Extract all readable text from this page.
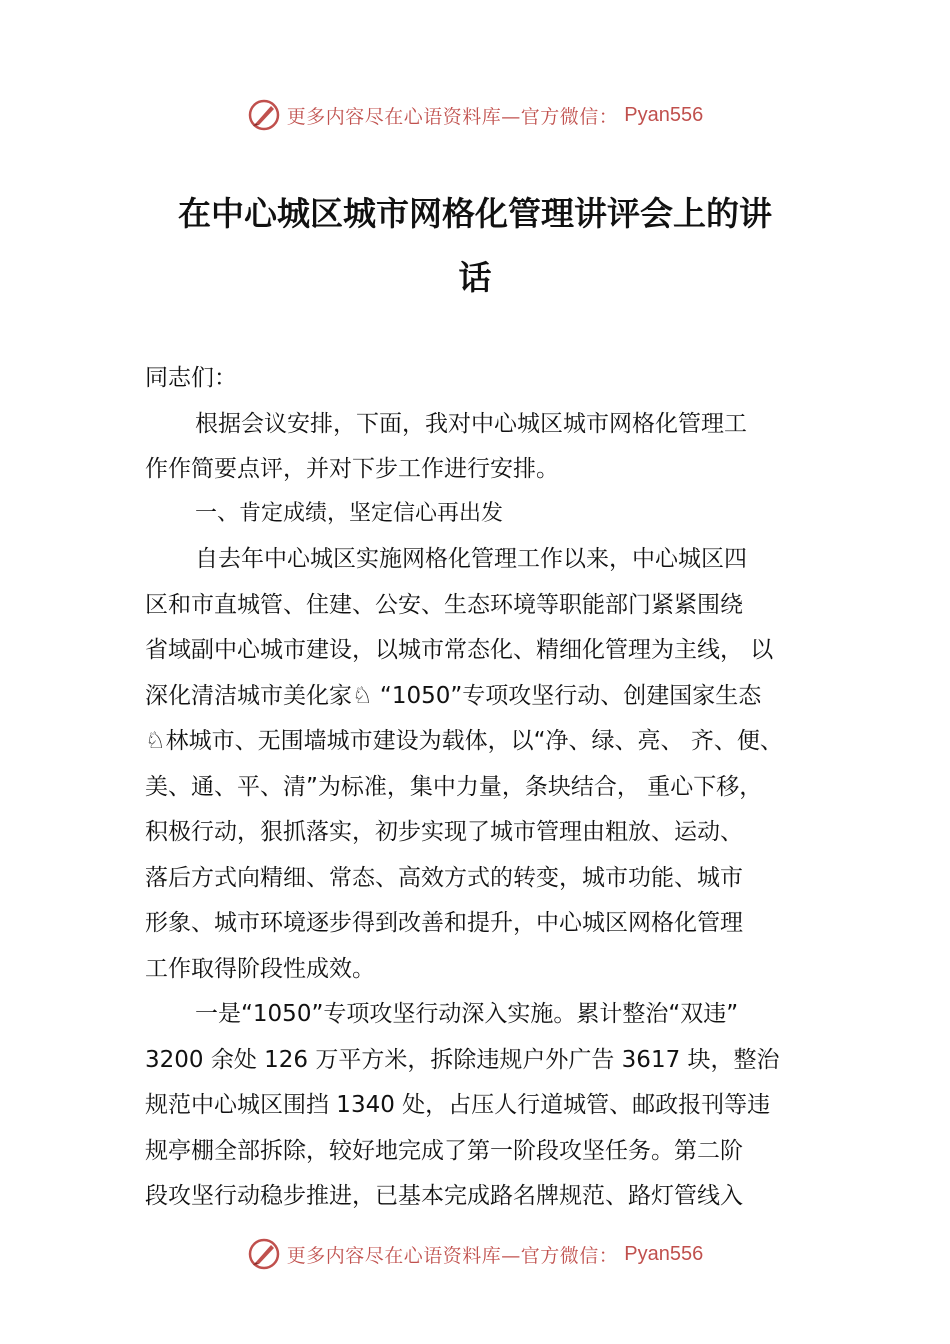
更多内容尽在心语资料库—官方微信： Pyan556
在中心城区城市网格化管理讲评会上的讲
话
同志们：
根据会议安排，下面，我对中心城区城市网格化管理工
作作简要点评，并对下步工作进行安排。
一、肯定成绩，坚定信心再出发
自去年中心城区实施网格化管理工作以来，中心城区四
区和市直城管、住建、公安、生态环境等职能部门紧紧围绕
省域副中心城市建设，以城市常态化、精细化管理为主线， 以
深化清洁城市美化家♘ “1050”专项攻坚行动、创建国家生态
♘林城市、无围墙城市建设为载体，以“净、绿、亮、 齐、便、
美、通、平、清”为标准，集中力量，条块结合， 重心下移，
积极行动，狠抓落实，初步实现了城市管理由粗放、运动、
落后方式向精细、常态、高效方式的转变，城市功能、城市
形象、城市环境逐步得到改善和提升，中心城区网格化管理
工作取得阶段性成效。
一是“1050”专项攻坚行动深入实施。累计整治“双违”
3200 余处 126 万平方米，拆除违规户外广告 3617 块，整治
规范中心城区围挡 1340 处，占压人行道城管、邮政报刊等违
规亭棚全部拆除，较好地完成了第一阶段攻坚任务。第二阶
段攻坚行动稳步推进，已基本完成路名牌规范、路灯管线入
更多内容尽在心语资料库—官方微信： Pyan556
